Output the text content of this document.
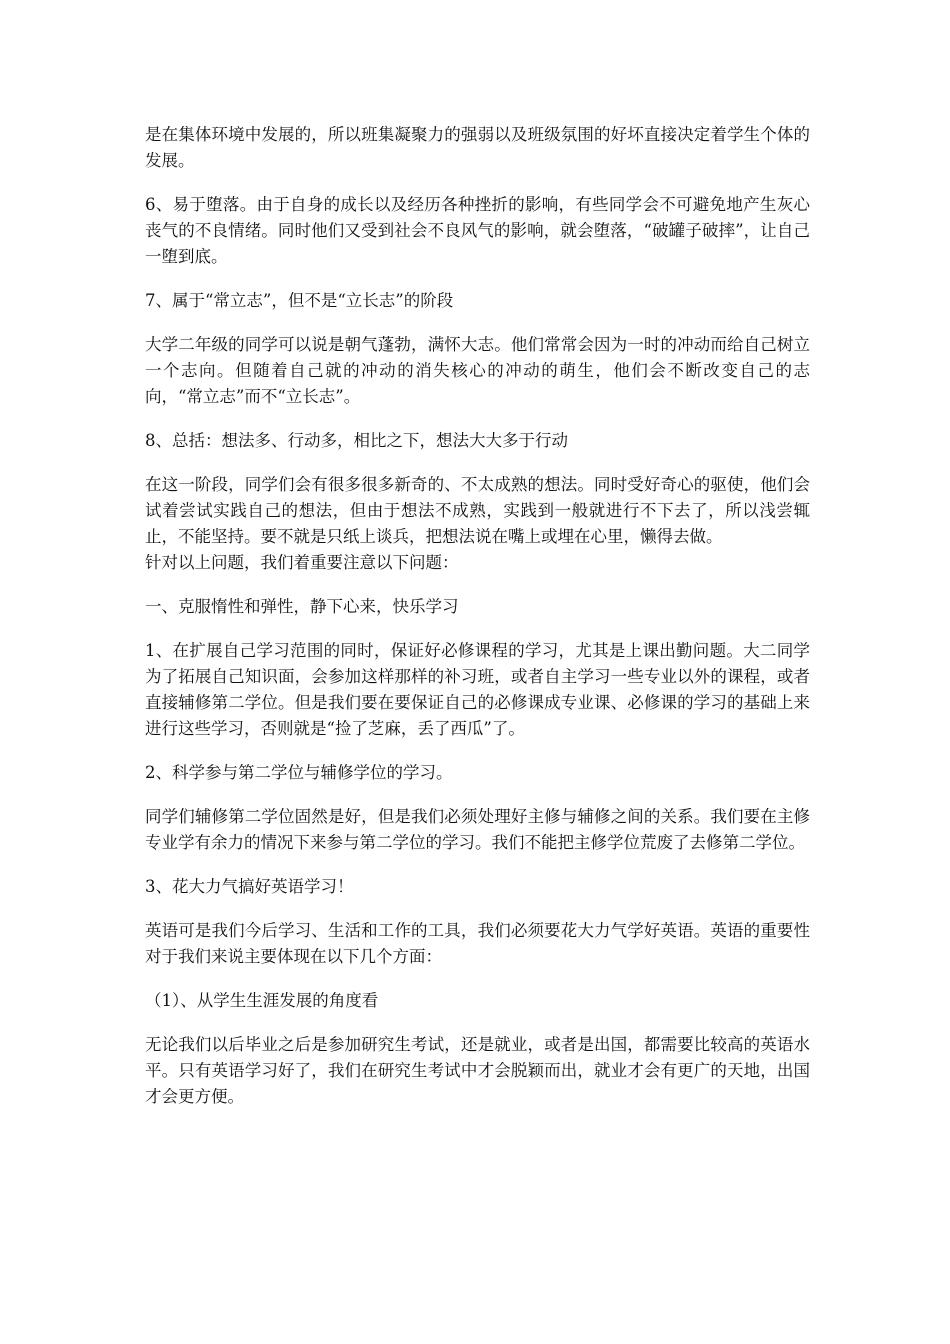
是在集体环境中发展的，所以班集凝聚力的强弱以及班级氛围的好坏直接决定着学生个体的发展。

6、易于堕落。由于自身的成长以及经历各种挫折的影响，有些同学会不可避免地产生灰心丧气的不良情绪。同时他们又受到社会不良风气的影响，就会堕落，“破罐子破摔”，让自己一堕到底。

7、属于“常立志”，但不是“立长志”的阶段

大学二年级的同学可以说是朝气蓬勃，满怀大志。他们常常会因为一时的冲动而给自己树立一个志向。但随着自己就的冲动的消失核心的冲动的萌生，他们会不断改变自己的志向，“常立志”而不“立长志”。

8、总括：想法多、行动多，相比之下，想法大大多于行动

在这一阶段，同学们会有很多很多新奇的、不太成熟的想法。同时受好奇心的驱使，他们会试着尝试实践自己的想法，但由于想法不成熟，实践到一般就进行不下去了，所以浅尝辄止，不能坚持。要不就是只纸上谈兵，把想法说在嘴上或埋在心里，懒得去做。

针对以上问题，我们着重要注意以下问题：

一、克服惰性和弹性，静下心来，快乐学习

1、在扩展自己学习范围的同时，保证好必修课程的学习，尤其是上课出勤问题。大二同学为了拓展自己知识面，会参加这样那样的补习班，或者自主学习一些专业以外的课程，或者直接辅修第二学位。但是我们要在要保证自己的必修课成专业课、必修课的学习的基础上来进行这些学习，否则就是“捡了芝麻，丢了西瓜”了。

2、科学参与第二学位与辅修学位的学习。

同学们辅修第二学位固然是好，但是我们必须处理好主修与辅修之间的关系。我们要在主修专业学有余力的情况下来参与第二学位的学习。我们不能把主修学位荒废了去修第二学位。

3、花大力气搞好英语学习！

英语可是我们今后学习、生活和工作的工具，我们必须要花大力气学好英语。英语的重要性对于我们来说主要体现在以下几个方面：

（1）、从学生生涯发展的角度看

无论我们以后毕业之后是参加研究生考试，还是就业，或者是出国，都需要比较高的英语水平。只有英语学习好了，我们在研究生考试中才会脱颖而出，就业才会有更广的天地，出国才会更方便。
